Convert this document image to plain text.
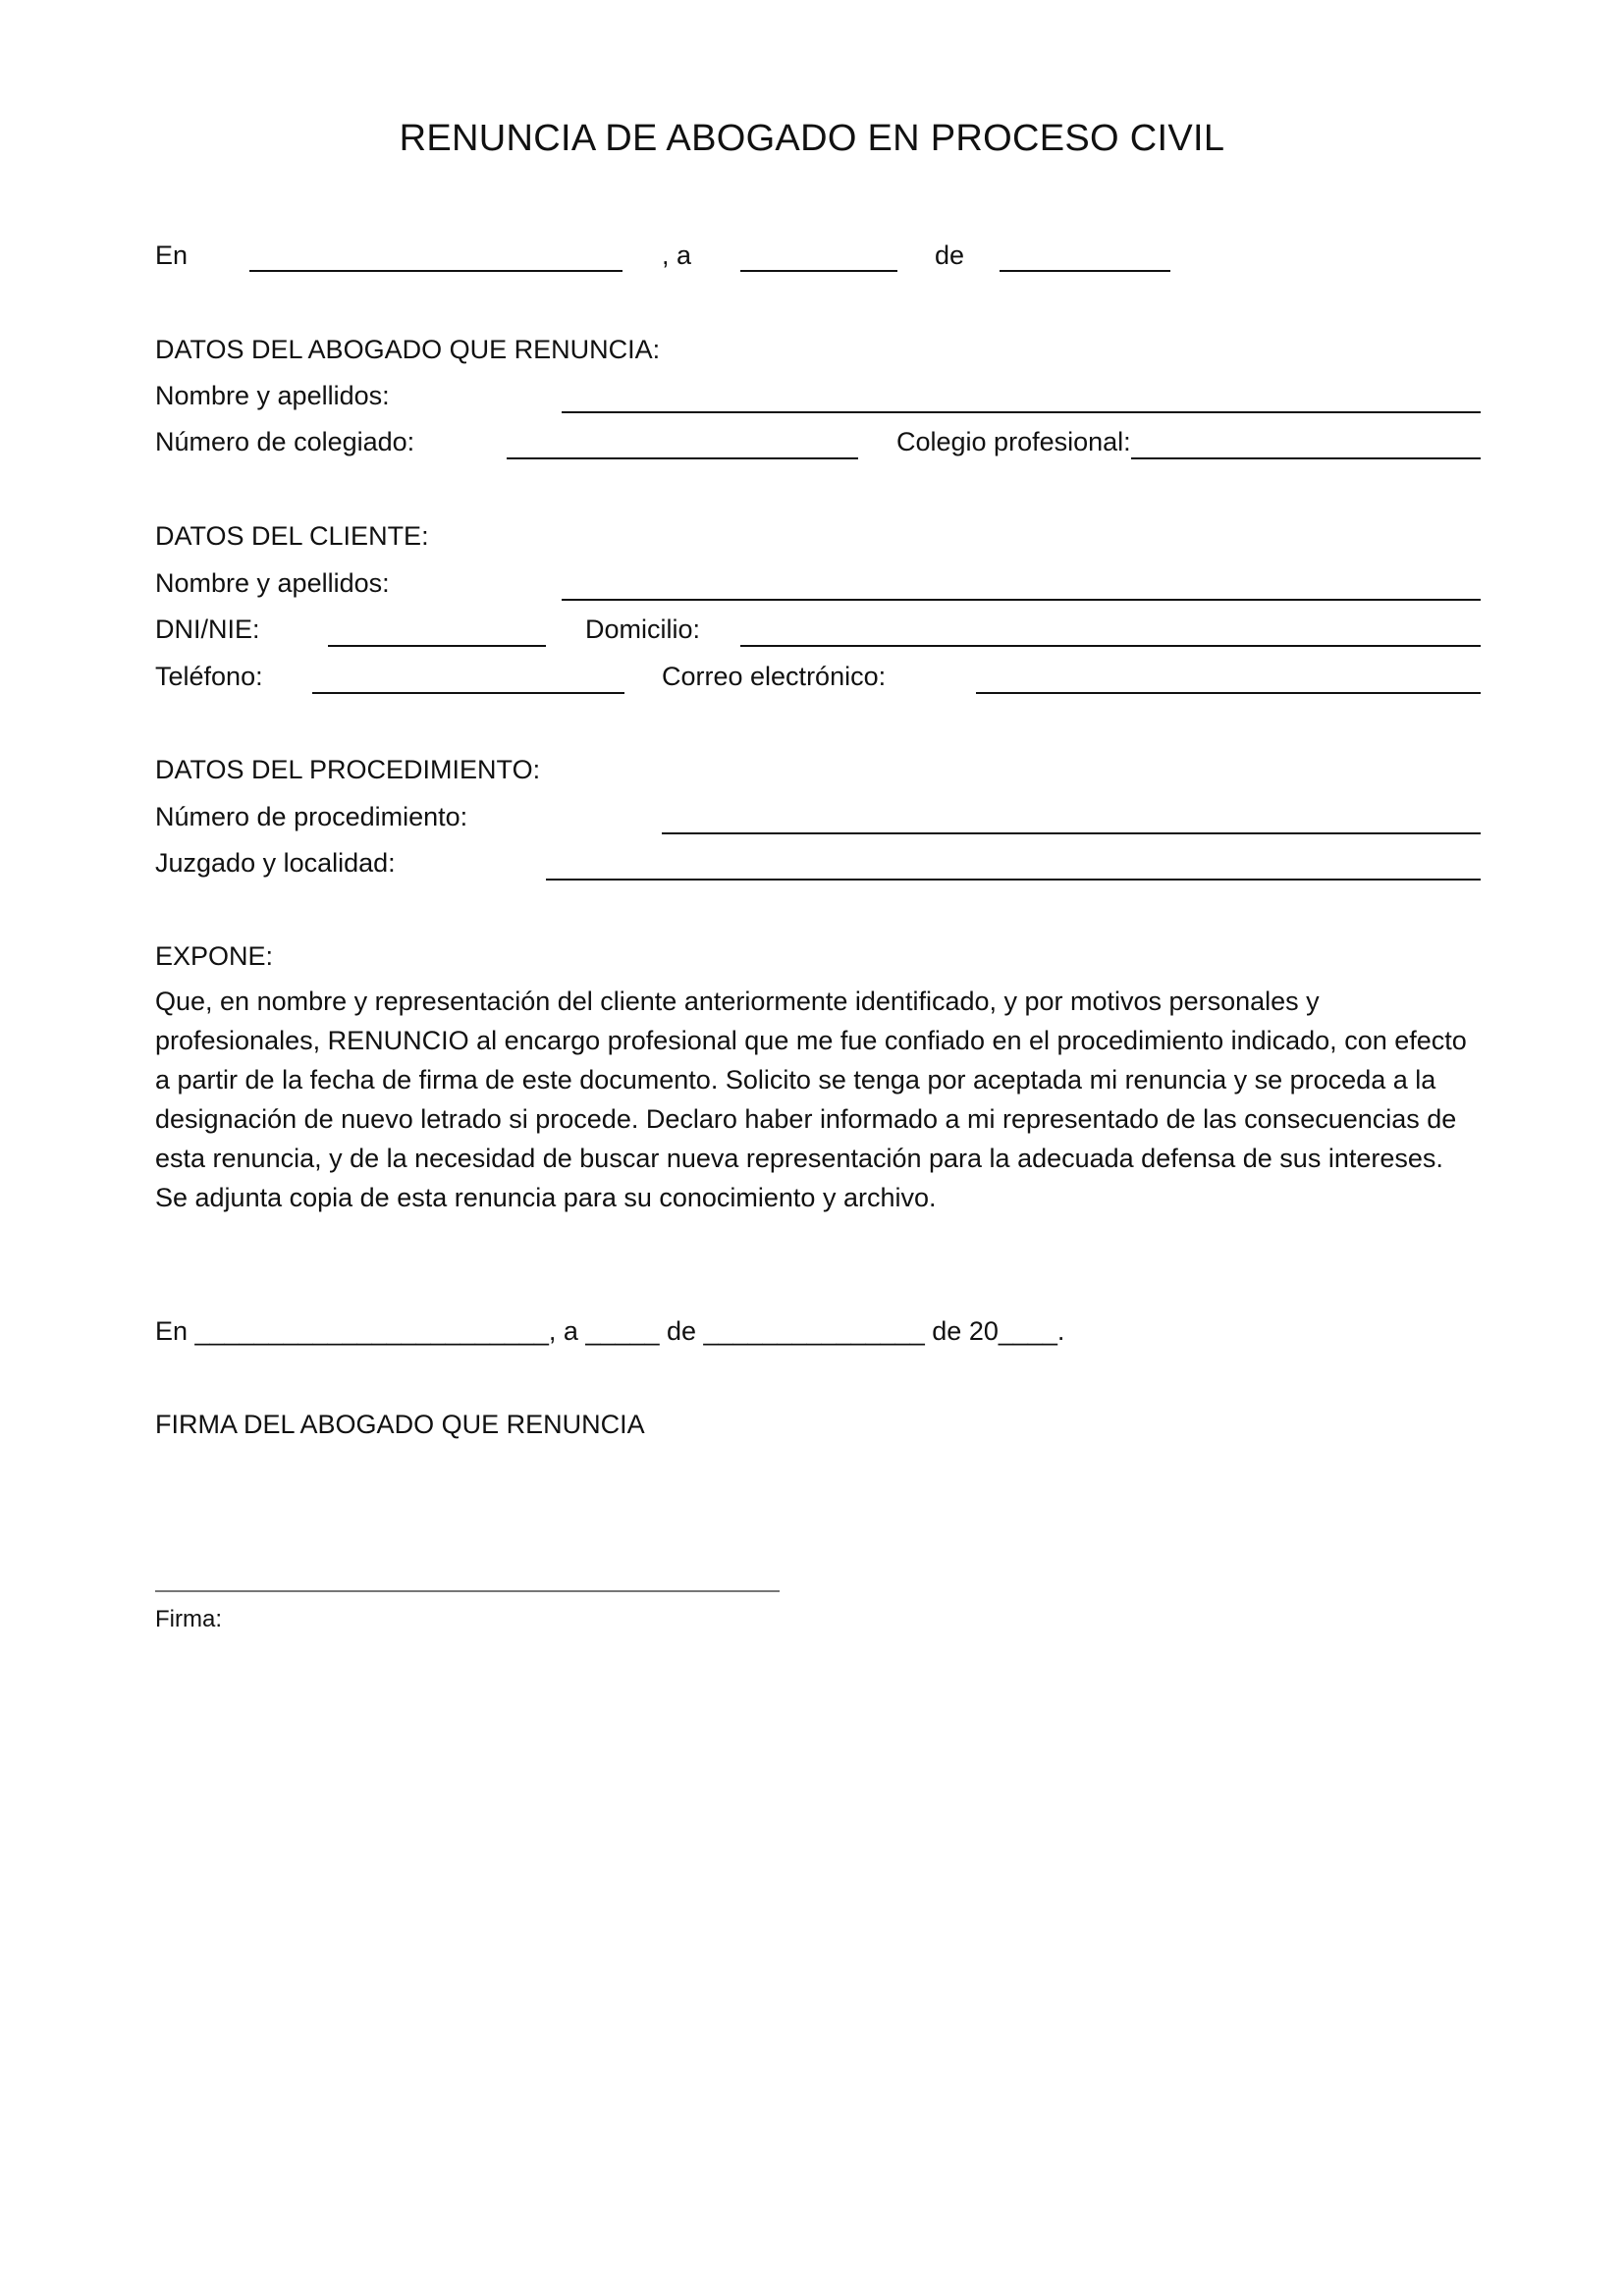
RENUNCIA DE ABOGADO EN PROCESO CIVIL
En	, a	de
DATOS DEL ABOGADO QUE RENUNCIA:
Nombre y apellidos:
Número de colegiado:	Colegio profesional:
DATOS DEL CLIENTE:
Nombre y apellidos:
DNI/NIE:	Domicilio:
Teléfono:	Correo electrónico:
DATOS DEL PROCEDIMIENTO:
Número de procedimiento:
Juzgado y localidad:
EXPONE:
Que, en nombre y representación del cliente anteriormente identificado, y por motivos personales y profesionales, RENUNCIO al encargo profesional que me fue confiado en el procedimiento indicado, con efecto a partir de la fecha de firma de este documento. Solicito se tenga por aceptada mi renuncia y se proceda a la designación de nuevo letrado si procede. Declaro haber informado a mi representado de las consecuencias de esta renuncia, y de la necesidad de buscar nueva representación para la adecuada defensa de sus intereses. Se adjunta copia de esta renuncia para su conocimiento y archivo.
En ________________________, a _____ de _______________ de 20____.
FIRMA DEL ABOGADO QUE RENUNCIA
Firma:
